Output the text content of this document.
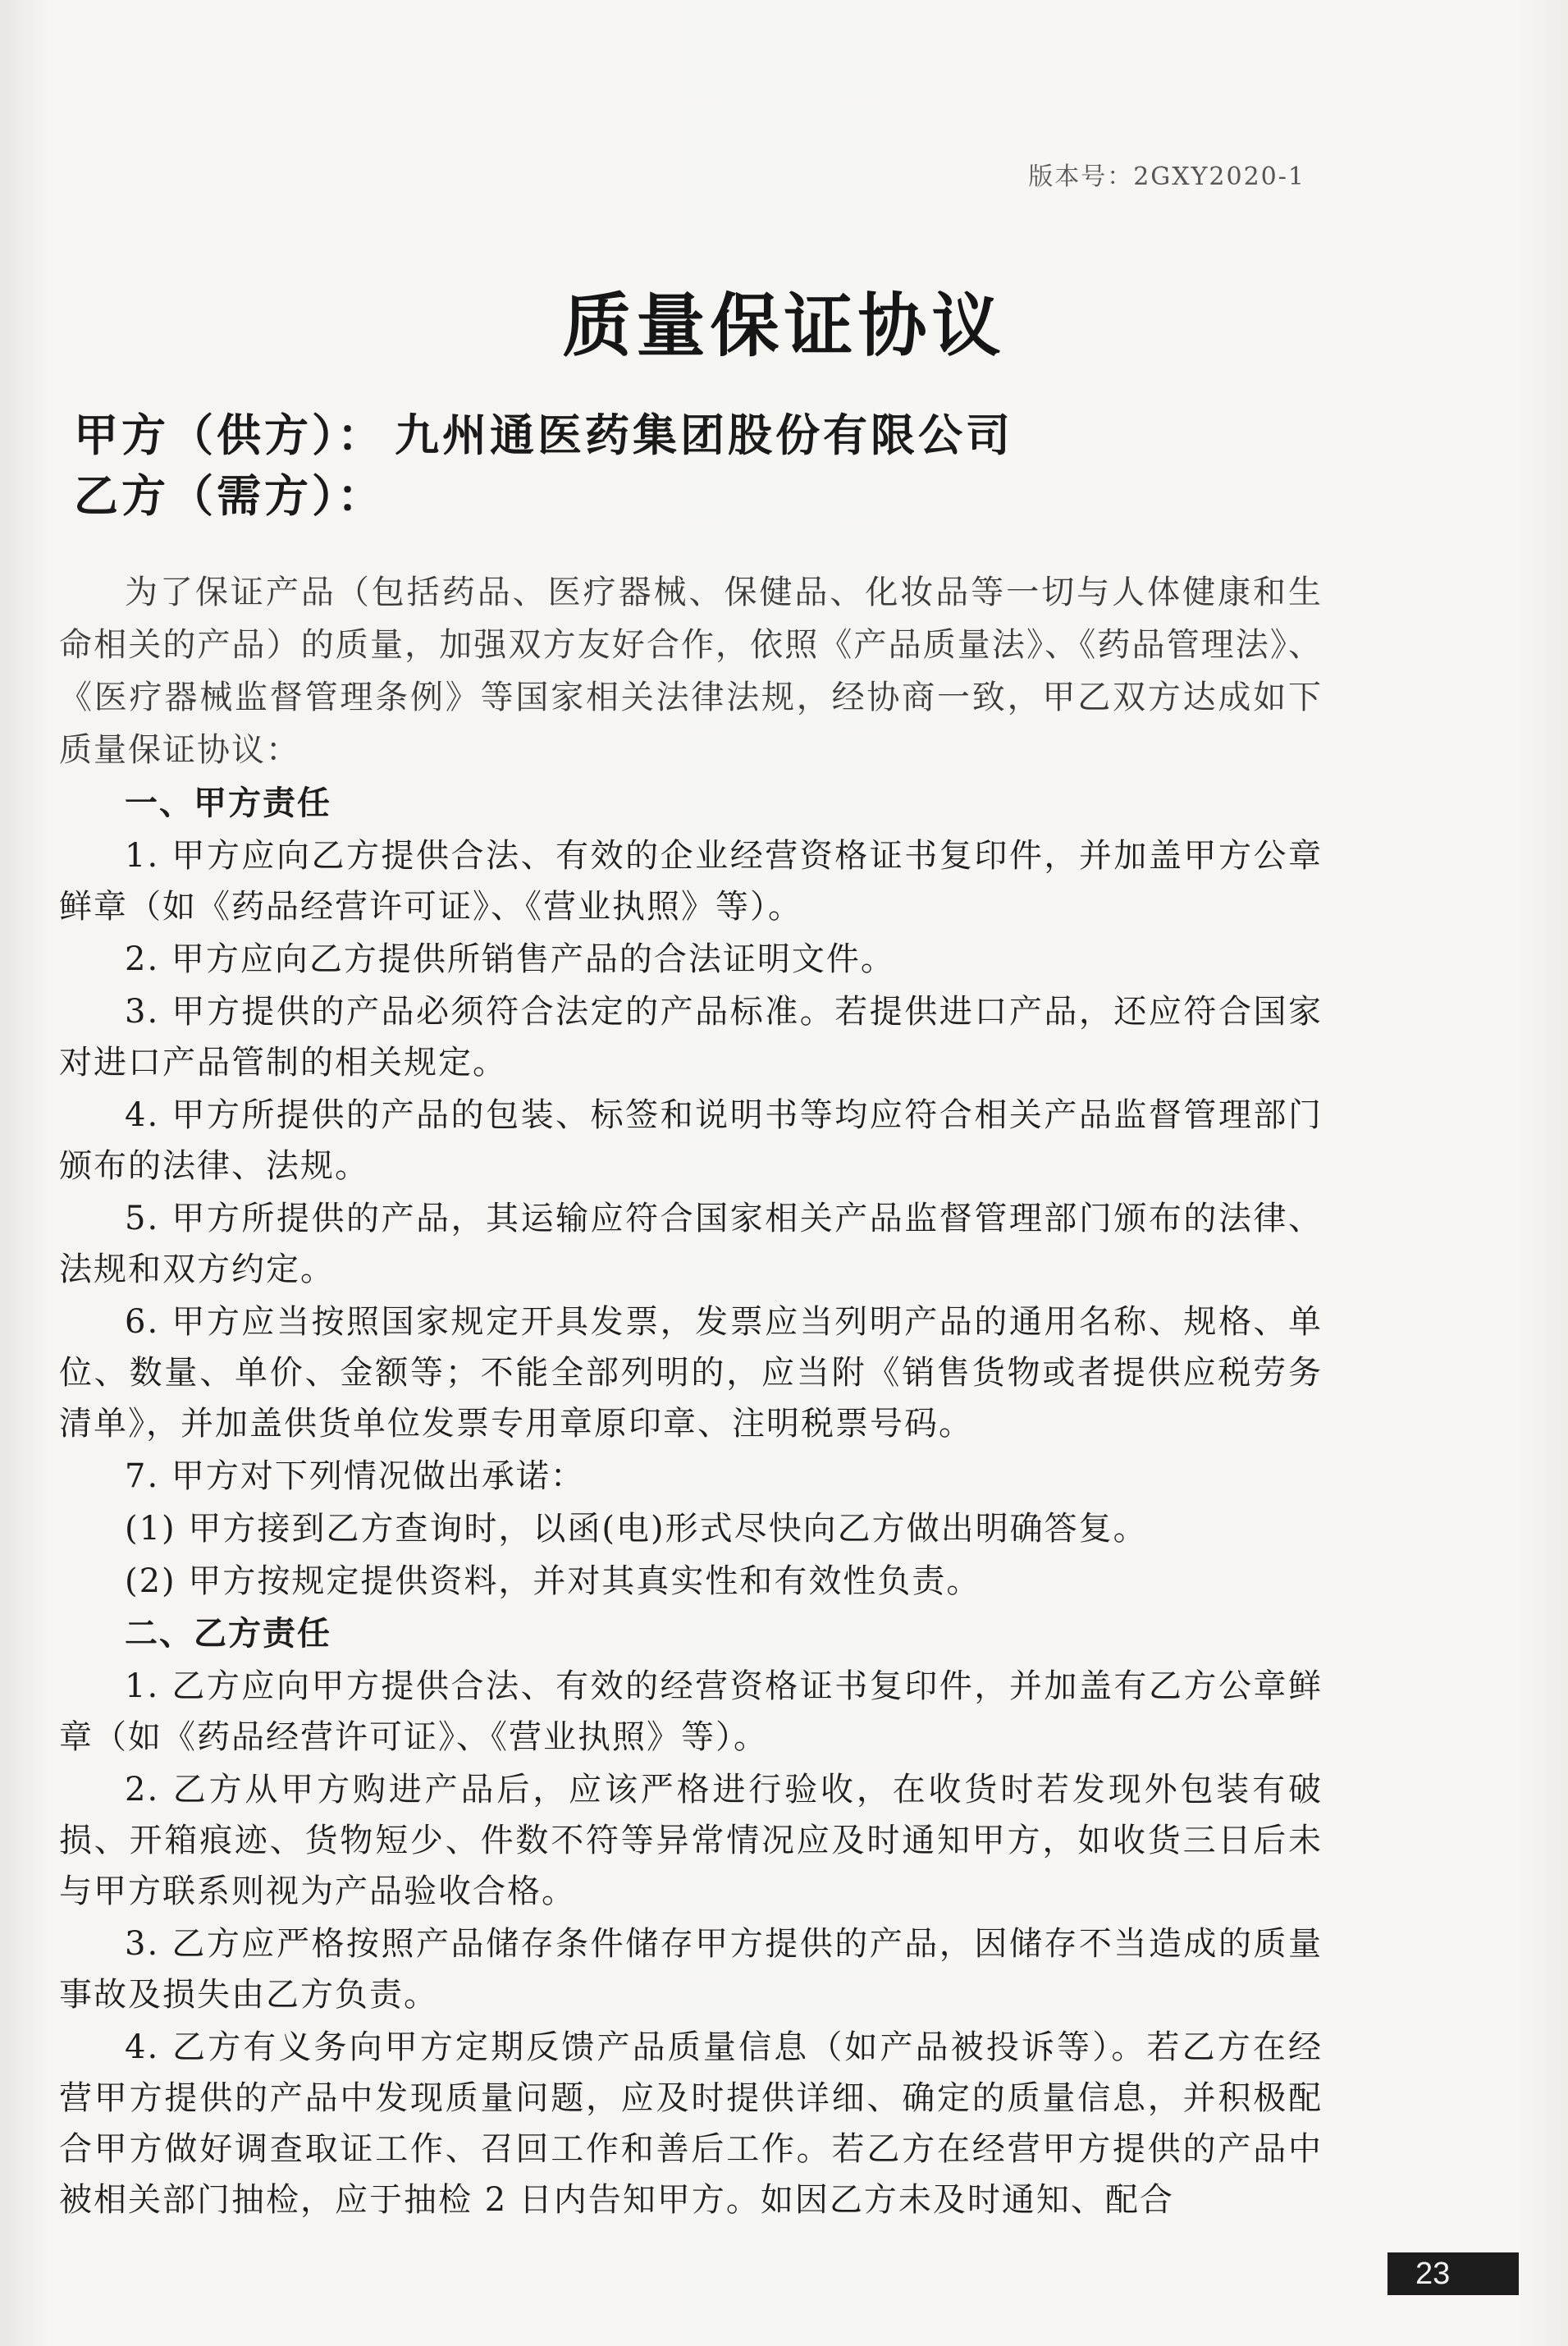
版本号：2GXY2020-1
质量保证协议
甲方（供方）： 九州通医药集团股份有限公司
乙方（需方）：

为了保证产品（包括药品、医疗器械、保健品、化妆品等一切与人体健康和生命相关的产品）的质量，加强双方友好合作，依照《产品质量法》、《药品管理法》、《医疗器械监督管理条例》等国家相关法律法规，经协商一致，甲乙双方达成如下质量保证协议：

一、甲方责任

1. 甲方应向乙方提供合法、有效的企业经营资格证书复印件，并加盖甲方公章鲜章（如《药品经营许可证》、《营业执照》等）。

2. 甲方应向乙方提供所销售产品的合法证明文件。

3. 甲方提供的产品必须符合法定的产品标准。若提供进口产品，还应符合国家对进口产品管制的相关规定。

4. 甲方所提供的产品的包装、标签和说明书等均应符合相关产品监督管理部门颁布的法律、法规。

5. 甲方所提供的产品，其运输应符合国家相关产品监督管理部门颁布的法律、法规和双方约定。

6. 甲方应当按照国家规定开具发票，发票应当列明产品的通用名称、规格、单位、数量、单价、金额等；不能全部列明的，应当附《销售货物或者提供应税劳务清单》，并加盖供货单位发票专用章原印章、注明税票号码。

7. 甲方对下列情况做出承诺：

(1) 甲方接到乙方查询时，以函(电)形式尽快向乙方做出明确答复。

(2) 甲方按规定提供资料，并对其真实性和有效性负责。

二、乙方责任

1. 乙方应向甲方提供合法、有效的经营资格证书复印件，并加盖有乙方公章鲜章（如《药品经营许可证》、《营业执照》等）。

2. 乙方从甲方购进产品后，应该严格进行验收，在收货时若发现外包装有破损、开箱痕迹、货物短少、件数不符等异常情况应及时通知甲方，如收货三日后未与甲方联系则视为产品验收合格。

3. 乙方应严格按照产品储存条件储存甲方提供的产品，因储存不当造成的质量事故及损失由乙方负责。

4. 乙方有义务向甲方定期反馈产品质量信息（如产品被投诉等）。若乙方在经营甲方提供的产品中发现质量问题，应及时提供详细、确定的质量信息，并积极配合甲方做好调查取证工作、召回工作和善后工作。若乙方在经营甲方提供的产品中被相关部门抽检，应于抽检 2 日内告知甲方。如因乙方未及时通知、配合

23
